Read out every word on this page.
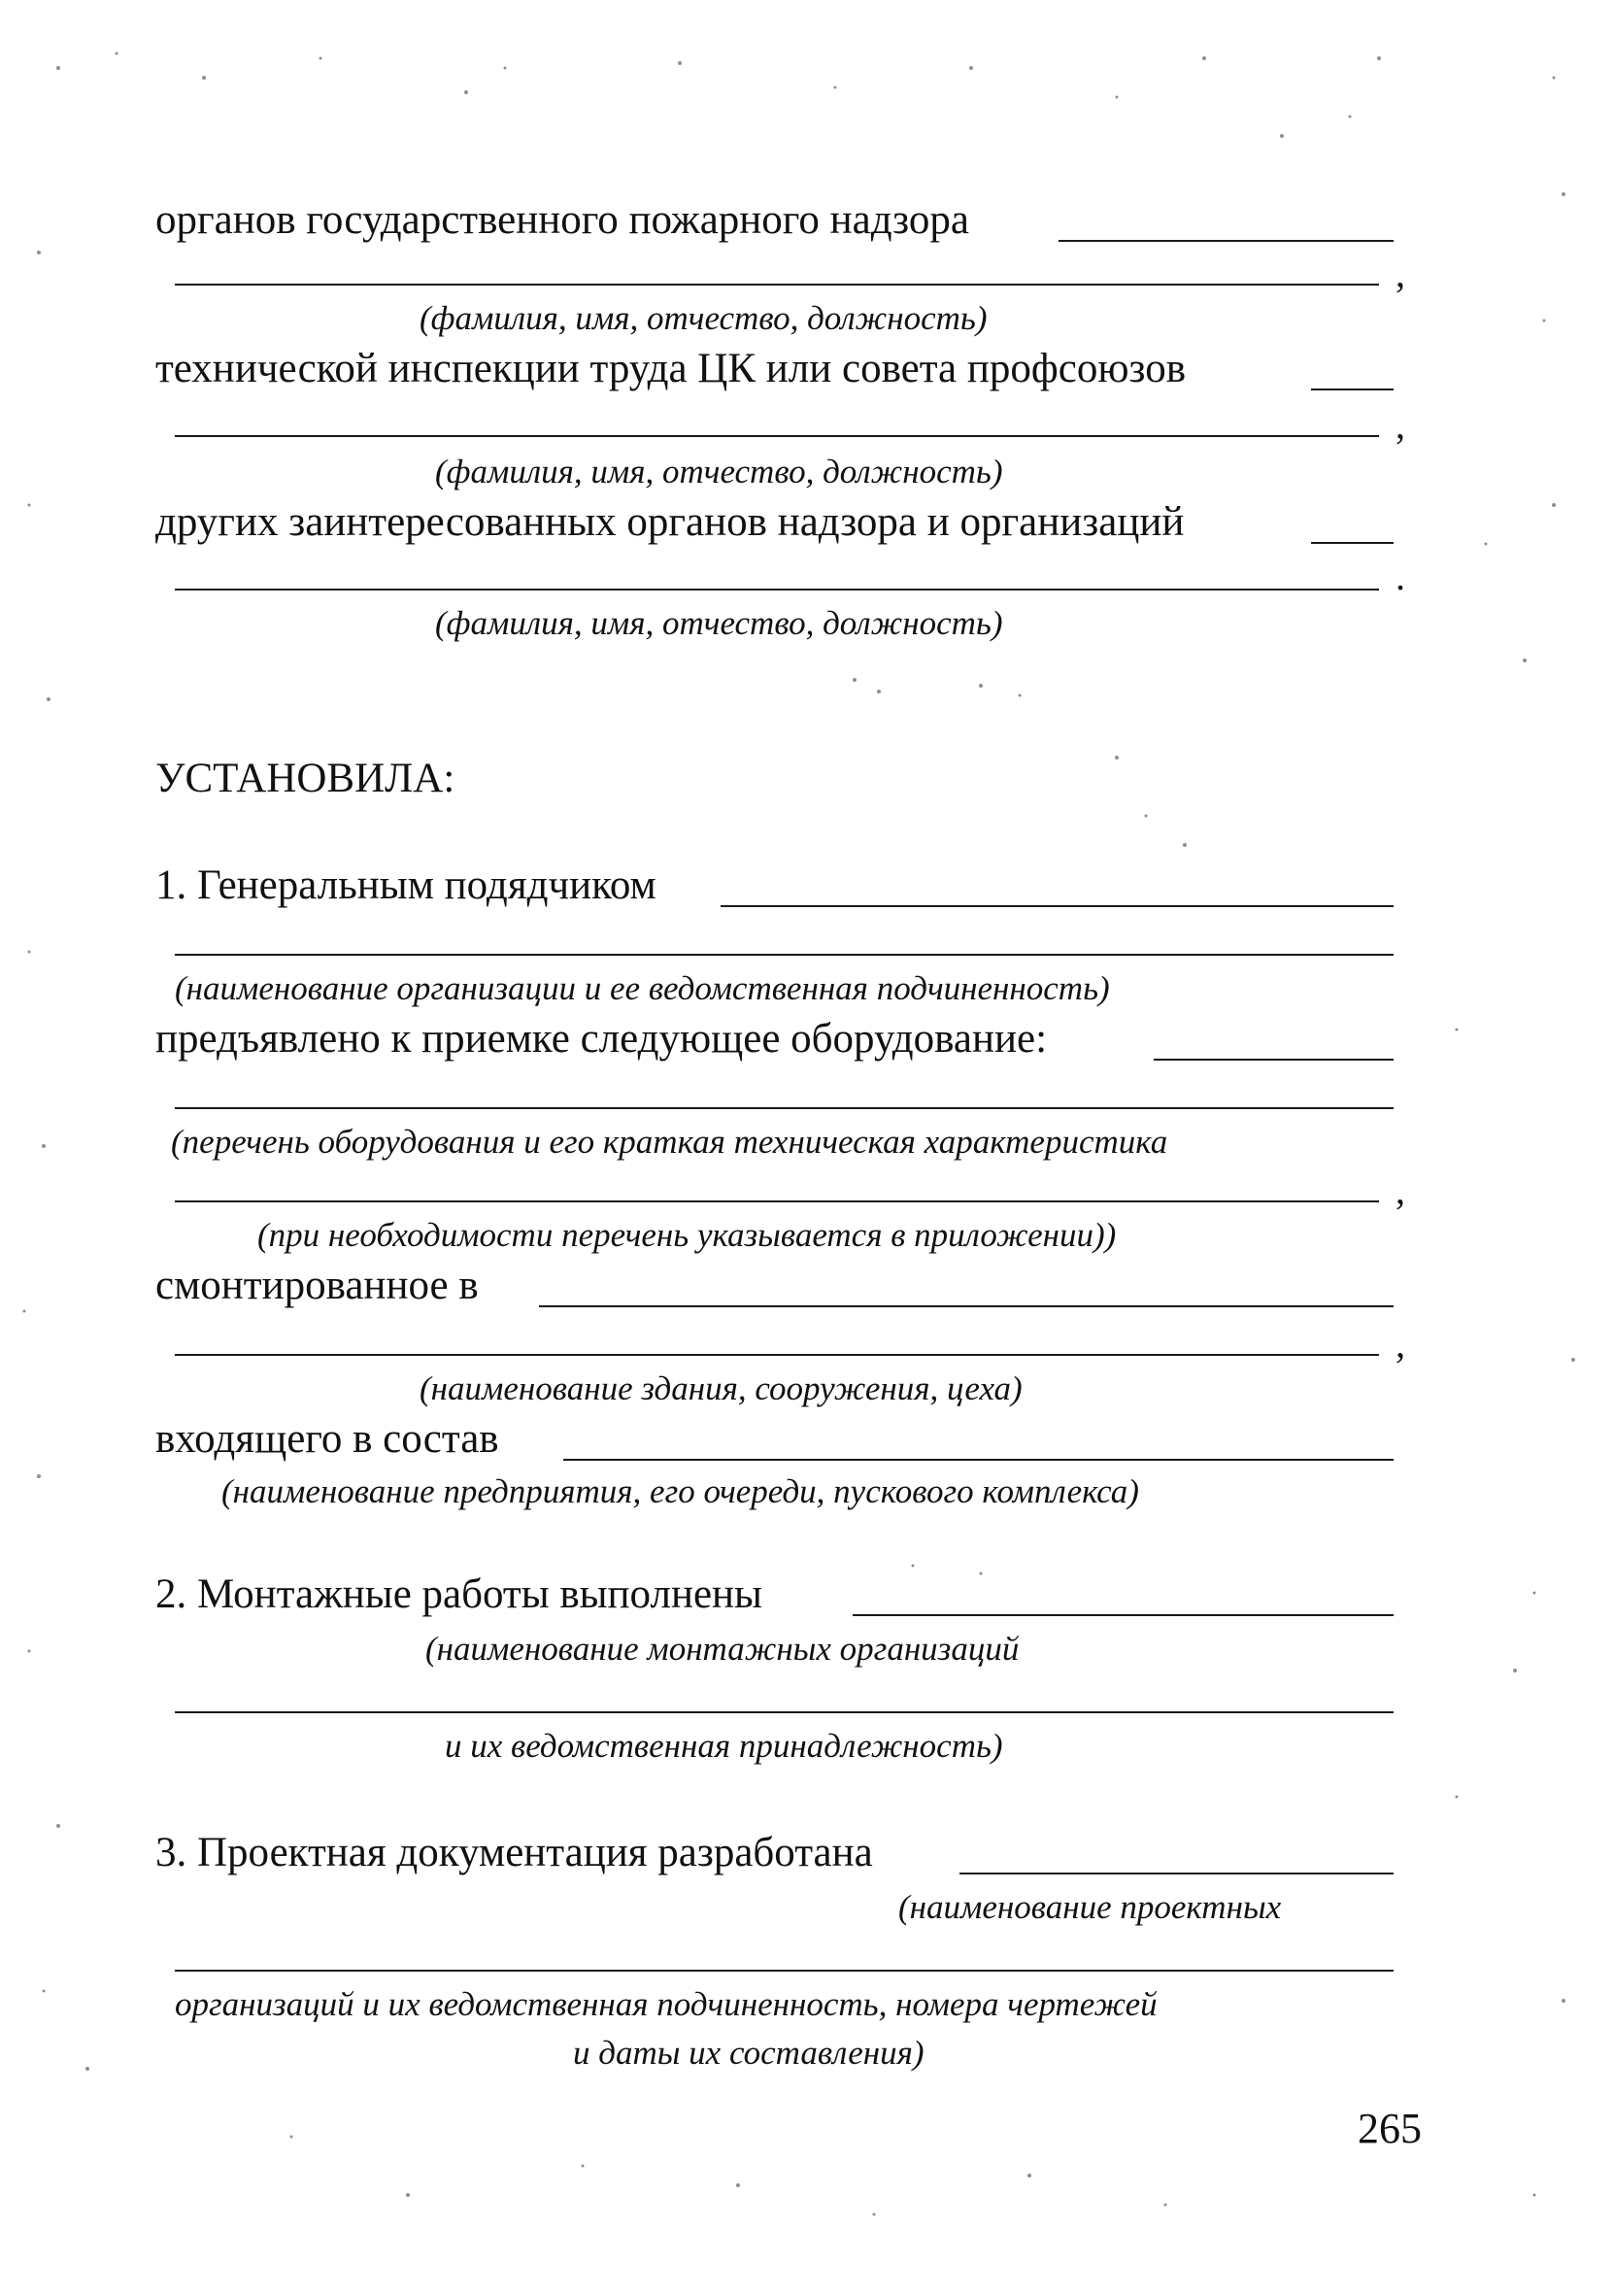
органов государственного пожарного надзора
,
(фамилия, имя, отчество, должность)
технической инспекции труда ЦК или совета профсоюзов
,
(фамилия, имя, отчество, должность)
других заинтересованных органов надзора и организаций
.
(фамилия, имя, отчество, должность)
УСТАНОВИЛА:
1. Генеральным подядчиком
(наименование организации и ее ведомственная подчиненность)
предъявлено к приемке следующее оборудование:
(перечень оборудования и его краткая техническая характеристика
,
(при необходимости перечень указывается в приложении))
смонтированное в
,
(наименование здания, сооружения, цеха)
входящего в состав
(наименование предприятия, его очереди, пускового комплекса)
2. Монтажные работы выполнены
(наименование монтажных организаций
и их ведомственная принадлежность)
3. Проектная документация разработана
(наименование проектных
организаций и их ведомственная подчиненность, номера чертежей
и даты их составления)
265
